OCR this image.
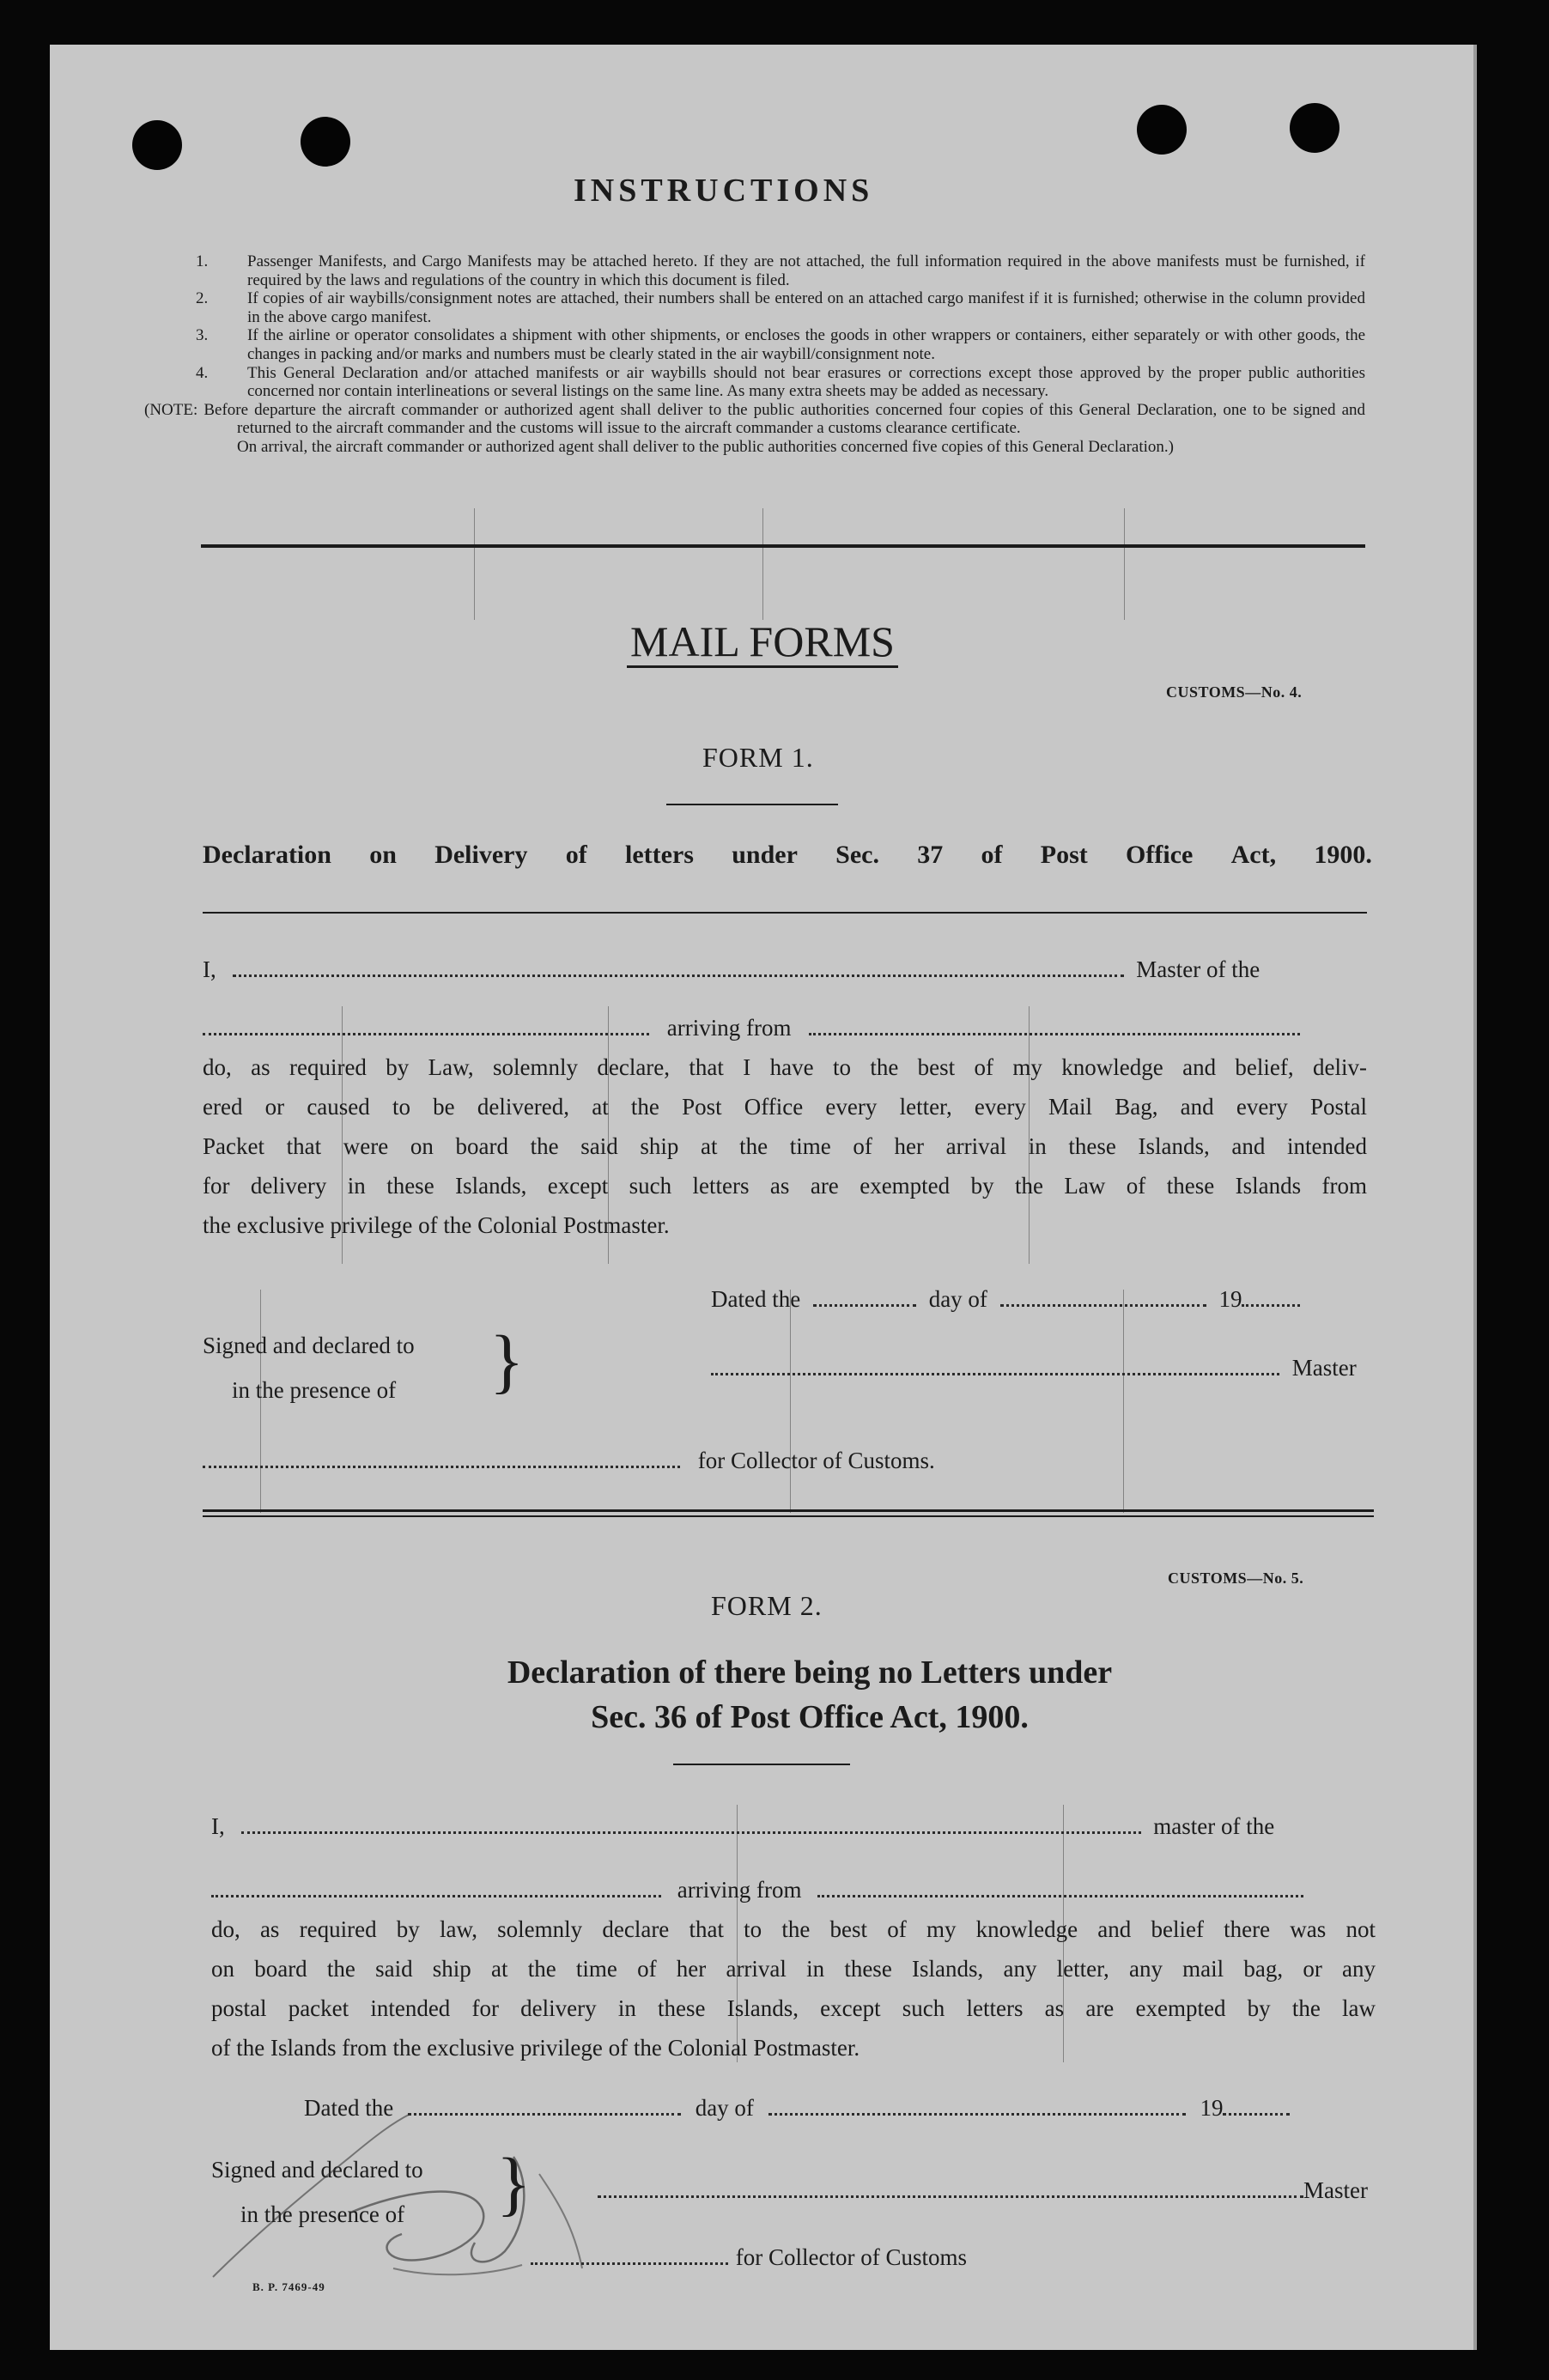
INSTRUCTIONS
1.	Passenger Manifests, and Cargo Manifests may be attached hereto. If they are not attached, the full information required in the above manifests must be furnished, if required by the laws and regulations of the country in which this document is filed.
2.	If copies of air waybills/consignment notes are attached, their numbers shall be entered on an attached cargo manifest if it is furnished; otherwise in the column provided in the above cargo manifest.
3.	If the airline or operator consolidates a shipment with other shipments, or encloses the goods in other wrappers or containers, either separately or with other goods, the changes in packing and/or marks and numbers must be clearly stated in the air waybill/consignment note.
4.	This General Declaration and/or attached manifests or air waybills should not bear erasures or corrections except those approved by the proper public authorities concerned nor contain interlineations or several listings on the same line. As many extra sheets may be added as necessary.
(NOTE: Before departure the aircraft commander or authorized agent shall deliver to the public authorities concerned four copies of this General Declaration, one to be signed and returned to the aircraft commander and the customs will issue to the aircraft commander a customs clearance certificate.
On arrival, the aircraft commander or authorized agent shall deliver to the public authorities concerned five copies of this General Declaration.)
MAIL FORMS
CUSTOMS—No. 4.
FORM 1.
Declaration on Delivery of letters under Sec. 37 of Post Office Act, 1900.
I,	Master of the
arriving from
do, as required by Law, solemnly declare, that I have to the best of my knowledge and belief, deliv-
ered or caused to be delivered, at the Post Office every letter, every Mail Bag, and every Postal
Packet that were on board the said ship at the time of her arrival in these Islands, and intended
for delivery in these Islands, except such letters as are exempted by the Law of these Islands from
the exclusive privilege of the Colonial Postmaster.
Dated the	day of	19
Signed and declared to
in the presence of }	Master
for Collector of Customs.
CUSTOMS—No. 5.
FORM 2.
Declaration of there being no Letters under
Sec. 36 of Post Office Act, 1900.
I,	master of the
arriving from
do, as required by law, solemnly declare that to the best of my knowledge and belief there was not
on board the said ship at the time of her arrival in these Islands, any letter, any mail bag, or any
postal packet intended for delivery in these Islands, except such letters as are exempted by the law
of the Islands from the exclusive privilege of the Colonial Postmaster.
Dated the	day of	19
Signed and declared to
in the presence of }	Master
for Collector of Customs
B. P. 7469-49
